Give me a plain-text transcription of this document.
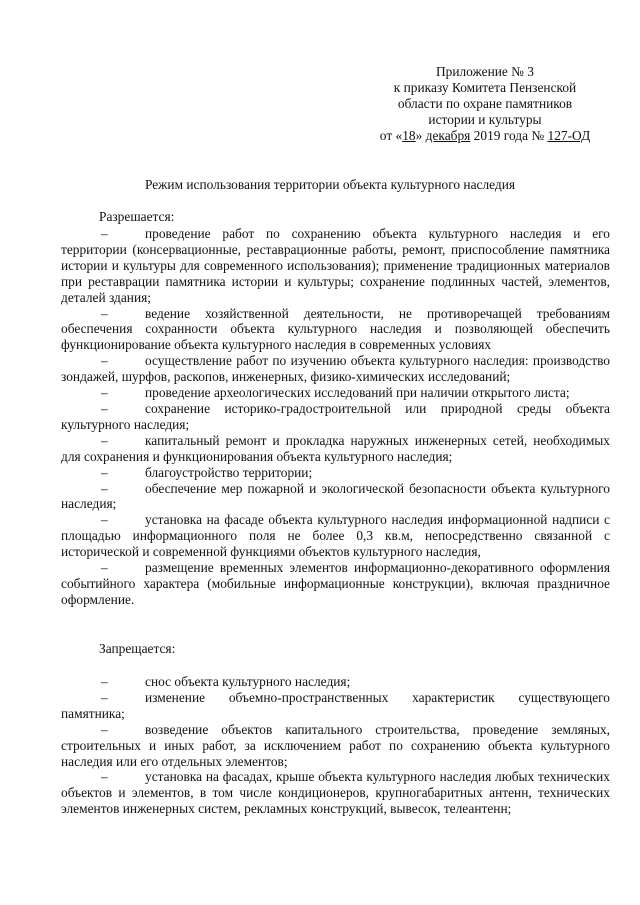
Приложение № 3
к приказу Комитета Пензенской
области по охране памятников
истории и культуры
от «18» декабря 2019 года № 127-ОД
Режим использования территории объекта культурного наследия
Разрешается:

–	проведение работ по сохранению объекта культурного наследия и его территории (консервационные, реставрационные работы, ремонт, приспособление памятника истории и культуры для современного использования); применение традиционных материалов при реставрации памятника истории и культуры; сохранение подлинных частей, элементов, деталей здания;

–	ведение хозяйственной деятельности, не противоречащей требованиям обеспечения сохранности объекта культурного наследия и позволяющей обеспечить функционирование объекта культурного наследия в современных условиях

–	осуществление работ по изучению объекта культурного наследия: производство зондажей, шурфов, раскопов, инженерных, физико-химических исследований;

–	проведение археологических исследований при наличии открытого листа;

–	сохранение историко-градостроительной или природной среды объекта культурного наследия;

–	капитальный ремонт и прокладка наружных инженерных сетей, необходимых для сохранения и функционирования объекта культурного наследия;

–	благоустройство территории;

–	обеспечение мер пожарной и экологической безопасности объекта культурного наследия;

–	установка на фасаде объекта культурного наследия информационной надписи с площадью информационного поля не более 0,3 кв.м, непосредственно связанной с исторической и современной функциями объектов культурного наследия,

–	размещение временных элементов информационно-декоративного оформления событийного характера (мобильные информационные конструкции), включая праздничное оформление.

Запрещается:

–	снос объекта культурного наследия;

–	изменение объемно-пространственных характеристик существующего памятника;

–	возведение объектов капитального строительства, проведение земляных, строительных и иных работ, за исключением работ по сохранению объекта культурного наследия или его отдельных элементов;

–	установка на фасадах, крыше объекта культурного наследия любых технических объектов и элементов, в том числе кондиционеров, крупногабаритных антенн, технических элементов инженерных систем, рекламных конструкций, вывесок, телеантенн;
